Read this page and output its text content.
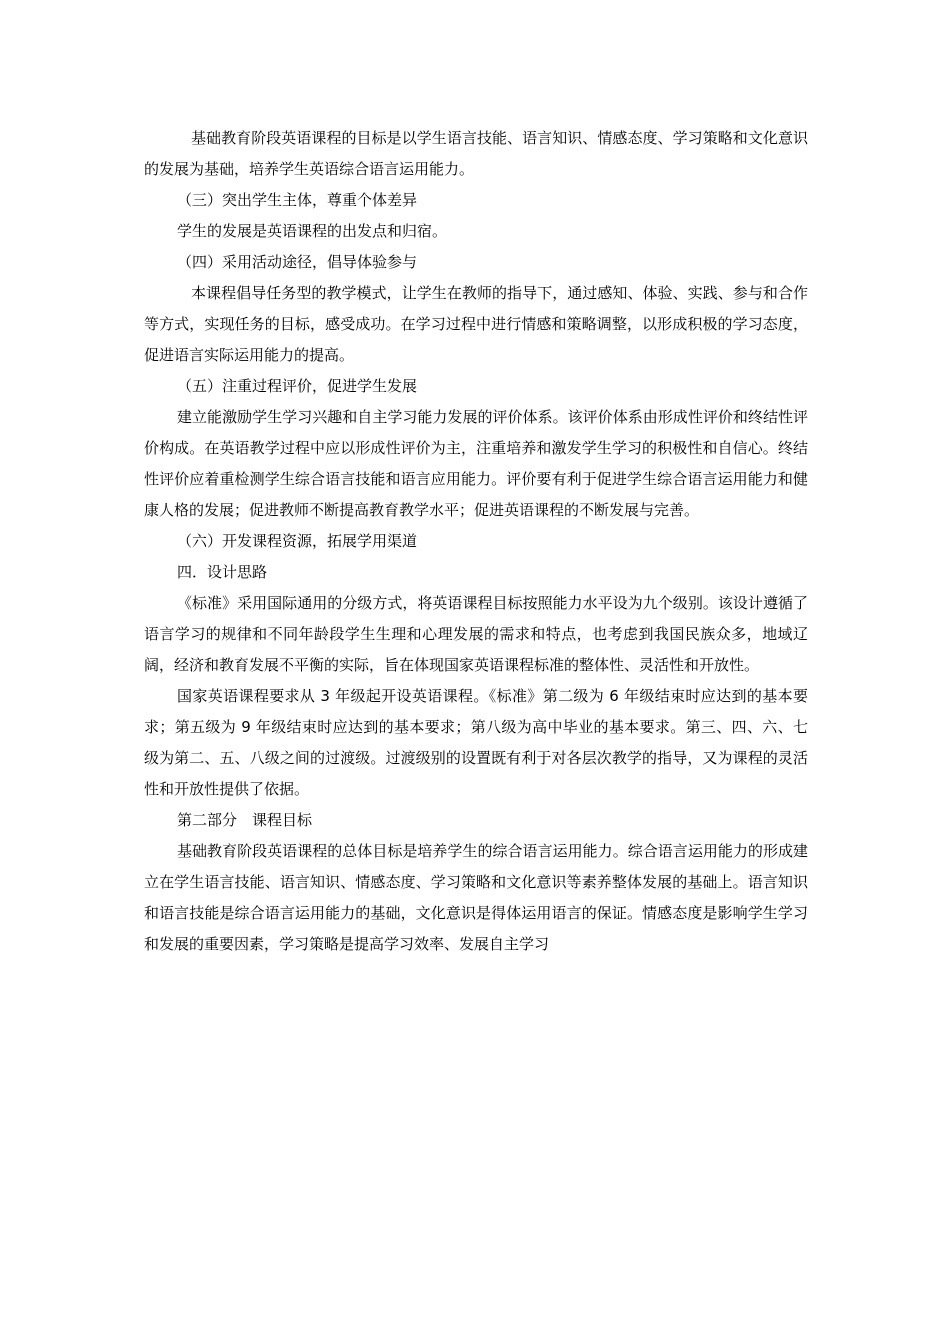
基础教育阶段英语课程的目标是以学生语言技能、语言知识、情感态度、学习策略和文化意识的发展为基础，培养学生英语综合语言运用能力。

（三）突出学生主体，尊重个体差异

学生的发展是英语课程的出发点和归宿。

（四）采用活动途径，倡导体验参与

本课程倡导任务型的教学模式，让学生在教师的指导下，通过感知、体验、实践、参与和合作等方式，实现任务的目标，感受成功。在学习过程中进行情感和策略调整，以形成积极的学习态度，促进语言实际运用能力的提高。

（五）注重过程评价，促进学生发展

建立能激励学生学习兴趣和自主学习能力发展的评价体系。该评价体系由形成性评价和终结性评价构成。在英语教学过程中应以形成性评价为主，注重培养和激发学生学习的积极性和自信心。终结性评价应着重检测学生综合语言技能和语言应用能力。评价要有利于促进学生综合语言运用能力和健康人格的发展；促进教师不断提高教育教学水平；促进英语课程的不断发展与完善。

（六）开发课程资源，拓展学用渠道

四．设计思路

《标准》采用国际通用的分级方式，将英语课程目标按照能力水平设为九个级别。该设计遵循了语言学习的规律和不同年龄段学生生理和心理发展的需求和特点，也考虑到我国民族众多，地域辽阔，经济和教育发展不平衡的实际，旨在体现国家英语课程标准的整体性、灵活性和开放性。

国家英语课程要求从 3 年级起开设英语课程。《标准》第二级为 6 年级结束时应达到的基本要求；第五级为 9 年级结束时应达到的基本要求；第八级为高中毕业的基本要求。第三、四、六、七级为第二、五、八级之间的过渡级。过渡级别的设置既有利于对各层次教学的指导，又为课程的灵活性和开放性提供了依据。

第二部分　课程目标

基础教育阶段英语课程的总体目标是培养学生的综合语言运用能力。综合语言运用能力的形成建立在学生语言技能、语言知识、情感态度、学习策略和文化意识等素养整体发展的基础上。语言知识和语言技能是综合语言运用能力的基础，文化意识是得体运用语言的保证。情感态度是影响学生学习和发展的重要因素，学习策略是提高学习效率、发展自主学习
